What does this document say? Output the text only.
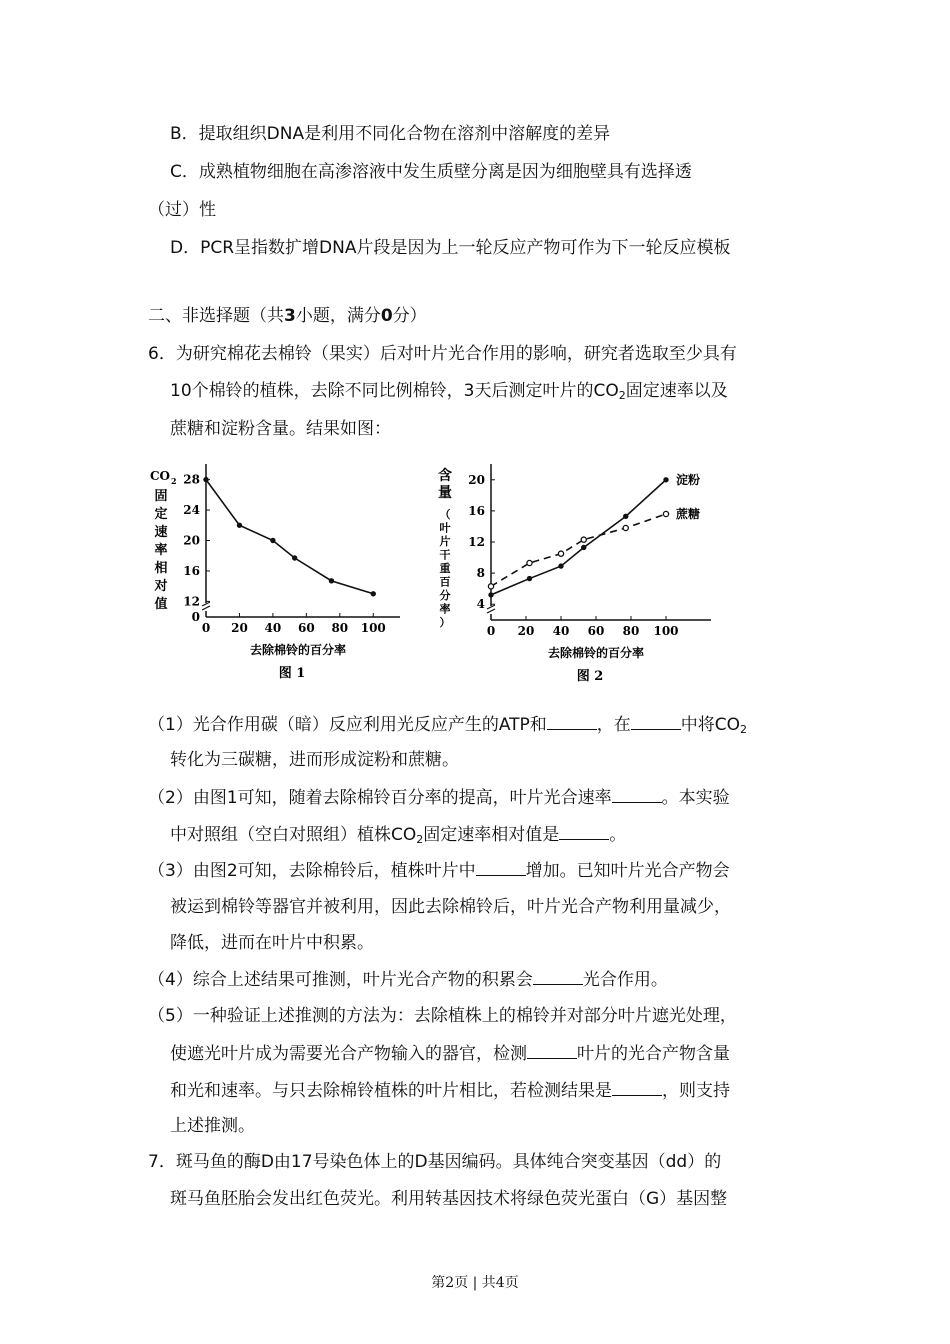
B．提取组织DNA是利用不同化合物在溶剂中溶解度的差异
C．成熟植物细胞在高渗溶液中发生质壁分离是因为细胞壁具有选择透
（过）性
D．PCR呈指数扩增DNA片段是因为上一轮反应产物可作为下一轮反应模板
二、非选择题（共3小题，满分0分）
6．为研究棉花去棉铃（果实）后对叶片光合作用的影响，研究者选取至少具有
10个棉铃的植株，去除不同比例棉铃，3天后测定叶片的$CO_2$固定速率以及
蔗糖和淀粉含量。结果如图：
0 20 40 60 80 100
0
12
16
20
24
28
去除棉铃的百分率
图 1
CO 2
固
定
速
率
相
对
值
0 20 40 60 80 100
4
8
12
16
20	淀粉
蔗糖
去除棉铃的百分率
图 2
含
量
（
叶
片
干
重
百
分
率
）
（1）光合作用碳（暗）反应利用光反应产生的ATP和	，在	中将$CO_2$
转化为三碳糖，进而形成淀粉和蔗糖。
（2）由图1可知，随着去除棉铃百分率的提高，叶片光合速率	。本实验
中对照组（空白对照组）植株$CO_2$固定速率相对值是	。
（3）由图2可知，去除棉铃后，植株叶片中	增加。已知叶片光合产物会
被运到棉铃等器官并被利用，因此去除棉铃后，叶片光合产物利用量减少，
降低，进而在叶片中积累。
（4）综合上述结果可推测，叶片光合产物的积累会	光合作用。
（5）一种验证上述推测的方法为：去除植株上的棉铃并对部分叶片遮光处理，
使遮光叶片成为需要光合产物输入的器官，检测	叶片的光合产物含量
和光和速率。与只去除棉铃植株的叶片相比，若检测结果是	，则支持
上述推测。
7．斑马鱼的酶D由17号染色体上的D基因编码。具体纯合突变基因（dd）的
斑马鱼胚胎会发出红色荧光。利用转基因技术将绿色荧光蛋白（G）基因整
第2页 | 共4页
